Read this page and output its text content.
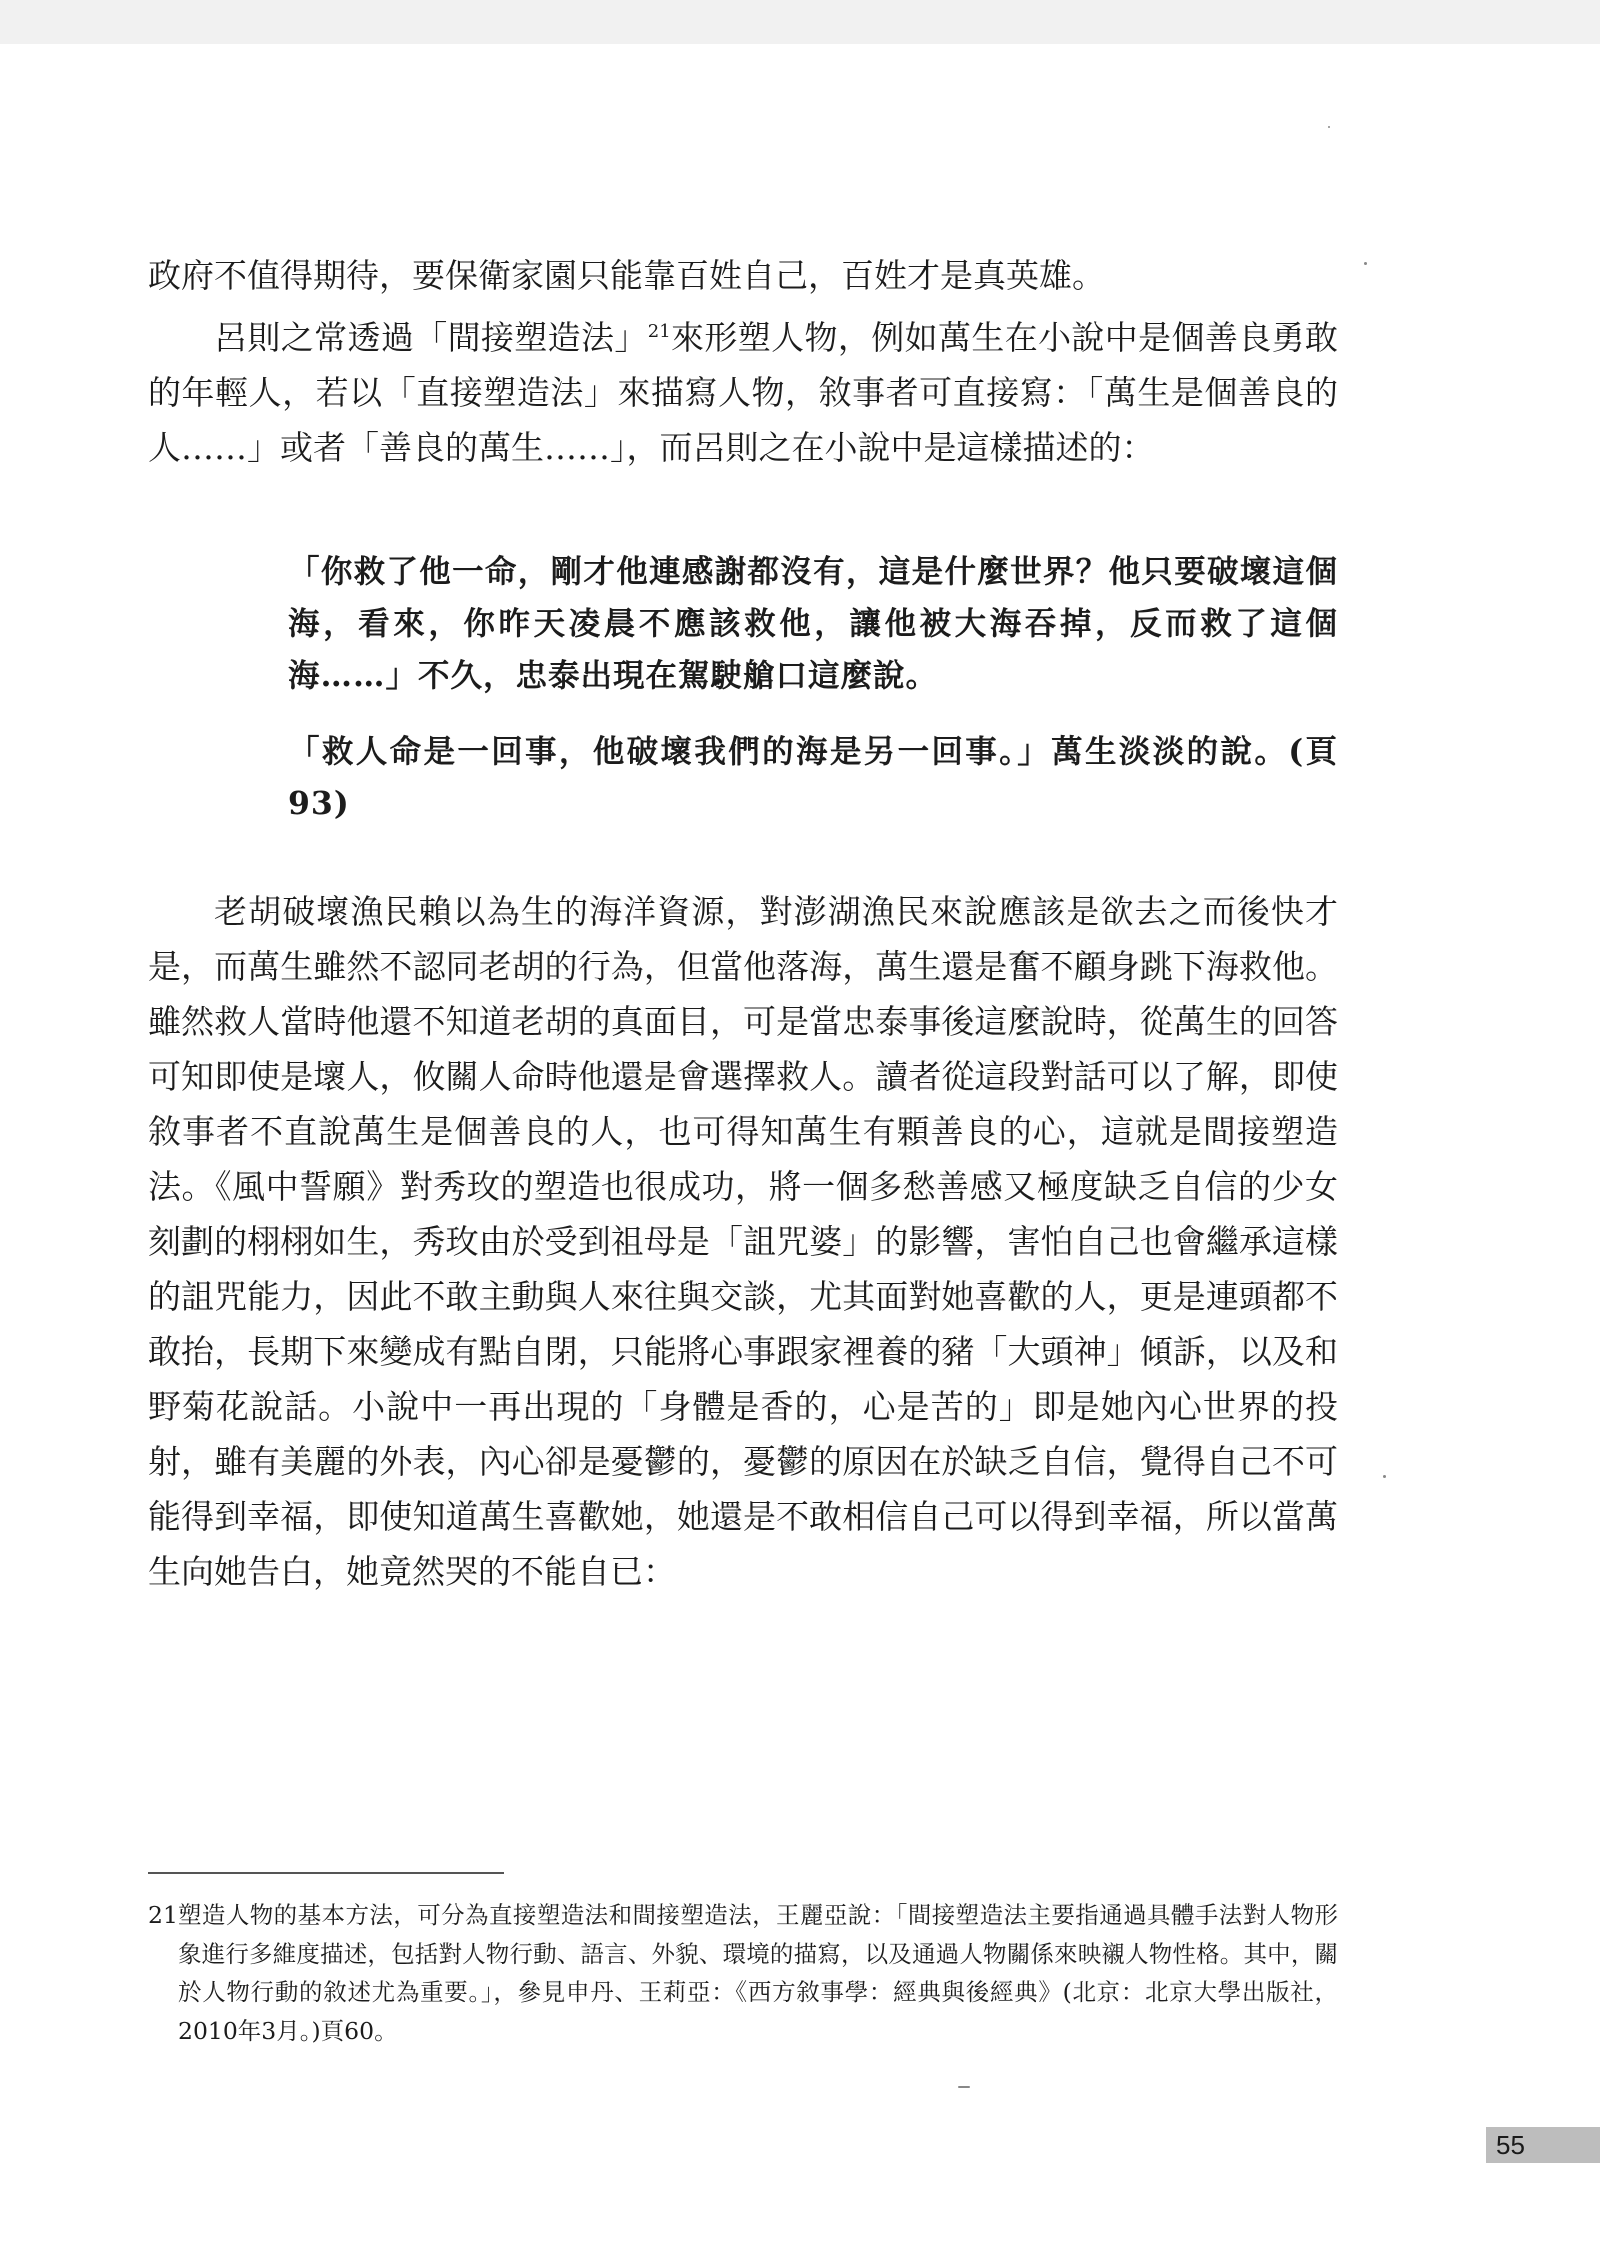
政府不值得期待，要保衛家園只能靠百姓自己，百姓才是真英雄。

呂則之常透過「間接塑造法」$^{21}$來形塑人物，例如萬生在小說中是個善良勇敢的年輕人，若以「直接塑造法」來描寫人物，敘事者可直接寫：「萬生是個善良的人……」或者「善良的萬生……」，而呂則之在小說中是這樣描述的：

「你救了他一命，剛才他連感謝都沒有，這是什麼世界？他只要破壞這個海，看來，你昨天凌晨不應該救他，讓他被大海吞掉，反而救了這個海……」不久，忠泰出現在駕駛艙口這麼說。

「救人命是一回事，他破壞我們的海是另一回事。」萬生淡淡的說。(頁93)

老胡破壞漁民賴以為生的海洋資源，對澎湖漁民來說應該是欲去之而後快才是，而萬生雖然不認同老胡的行為，但當他落海，萬生還是奮不顧身跳下海救他。雖然救人當時他還不知道老胡的真面目，可是當忠泰事後這麼說時，從萬生的回答可知即使是壞人，攸關人命時他還是會選擇救人。讀者從這段對話可以了解，即使敘事者不直說萬生是個善良的人，也可得知萬生有顆善良的心，這就是間接塑造法。《風中誓願》對秀玫的塑造也很成功，將一個多愁善感又極度缺乏自信的少女刻劃的栩栩如生，秀玫由於受到祖母是「詛咒婆」的影響，害怕自己也會繼承這樣的詛咒能力，因此不敢主動與人來往與交談，尤其面對她喜歡的人，更是連頭都不敢抬，長期下來變成有點自閉，只能將心事跟家裡養的豬「大頭神」傾訴，以及和野菊花說話。小說中一再出現的「身體是香的，心是苦的」即是她內心世界的投射，雖有美麗的外表，內心卻是憂鬱的，憂鬱的原因在於缺乏自信，覺得自己不可能得到幸福，即使知道萬生喜歡她，她還是不敢相信自己可以得到幸福，所以當萬生向她告白，她竟然哭的不能自已：

21塑造人物的基本方法，可分為直接塑造法和間接塑造法，王麗亞說：「間接塑造法主要指通過具體手法對人物形象進行多維度描述，包括對人物行動、語言、外貌、環境的描寫，以及通過人物關係來映襯人物性格。其中，關於人物行動的敘述尤為重要。」，參見申丹、王莉亞：《西方敘事學：經典與後經典》(北京：北京大學出版社，2010年3月。)頁60。

55
